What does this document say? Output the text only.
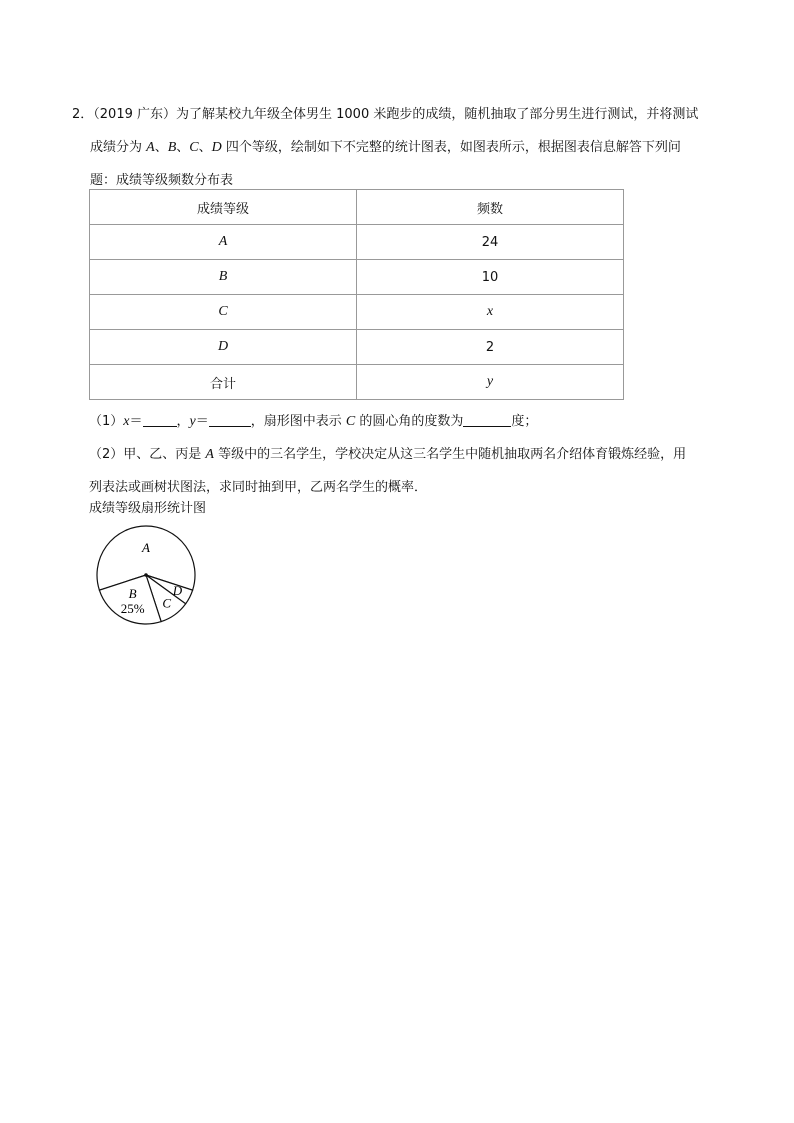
2．（2019 广东）为了解某校九年级全体男生 1000 米跑步的成绩，随机抽取了部分男生进行测试，并将测试
成绩分为 A、B、C、D 四个等级，绘制如下不完整的统计图表，如图表所示，根据图表信息解答下列问
题：成绩等级频数分布表
成绩等级	频数
A	24
B	10
C	x
D	2
合计	y
（1）x＝	，y＝	，扇形图中表示 C 的圆心角的度数为	度；
（2）甲、乙、丙是 A 等级中的三名学生，学校决定从这三名学生中随机抽取两名介绍体育锻炼经验，用
列表法或画树状图法，求同时抽到甲，乙两名学生的概率．
成绩等级扇形统计图
A
D
C
B
25%
